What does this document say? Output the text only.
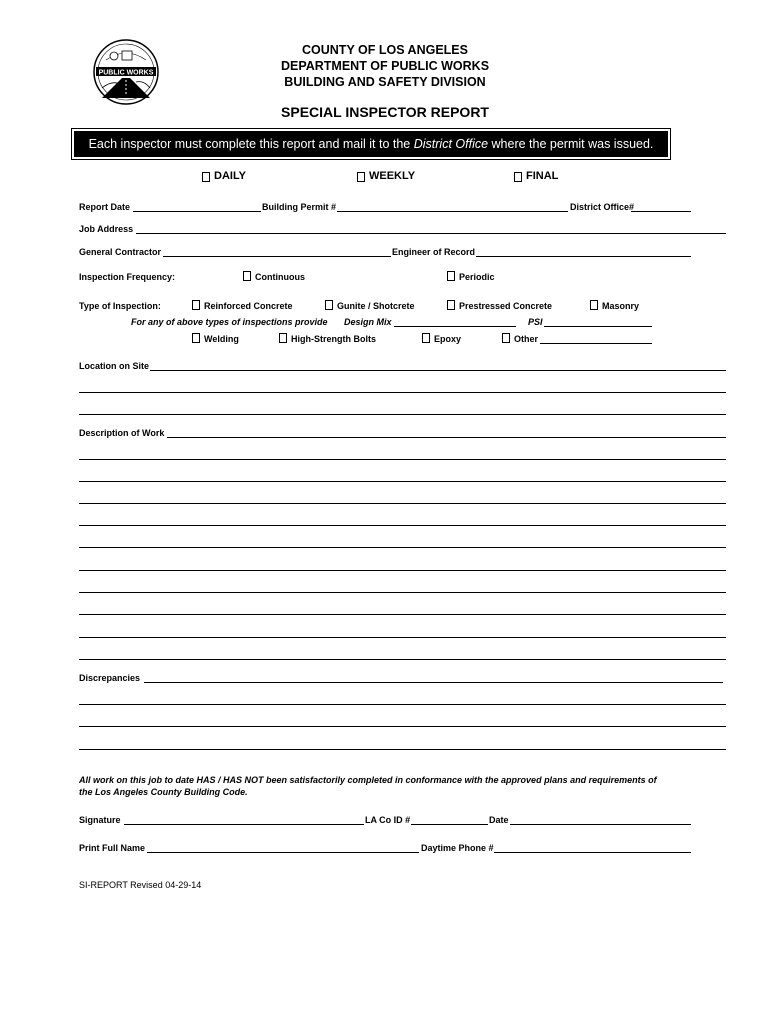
PUBLIC WORKS
COUNTY OF LOS ANGELES
DEPARTMENT OF PUBLIC WORKS
BUILDING AND SAFETY DIVISION
SPECIAL INSPECTOR REPORT
Each inspector must complete this report and mail it to the District Office where the permit was issued.
DAILY	WEEKLY	FINAL
Report Date	Building Permit #	District Office#
Job Address
General Contractor	Engineer of Record
Inspection Frequency:	Continuous	Periodic
Type of Inspection:	Reinforced Concrete	Gunite / Shotcrete	Prestressed Concrete	Masonry
For any of above types of inspections provide Design Mix	PSI
Welding	High-Strength Bolts	Epoxy	Other
Location on Site
Description of Work
Discrepancies
All work on this job to date HAS / HAS NOT been satisfactorily completed in conformance with the approved plans and requirements of
the Los Angeles County Building Code.
Signature	LA Co ID #	Date
Print Full Name	Daytime Phone #
SI-REPORT Revised 04-29-14
